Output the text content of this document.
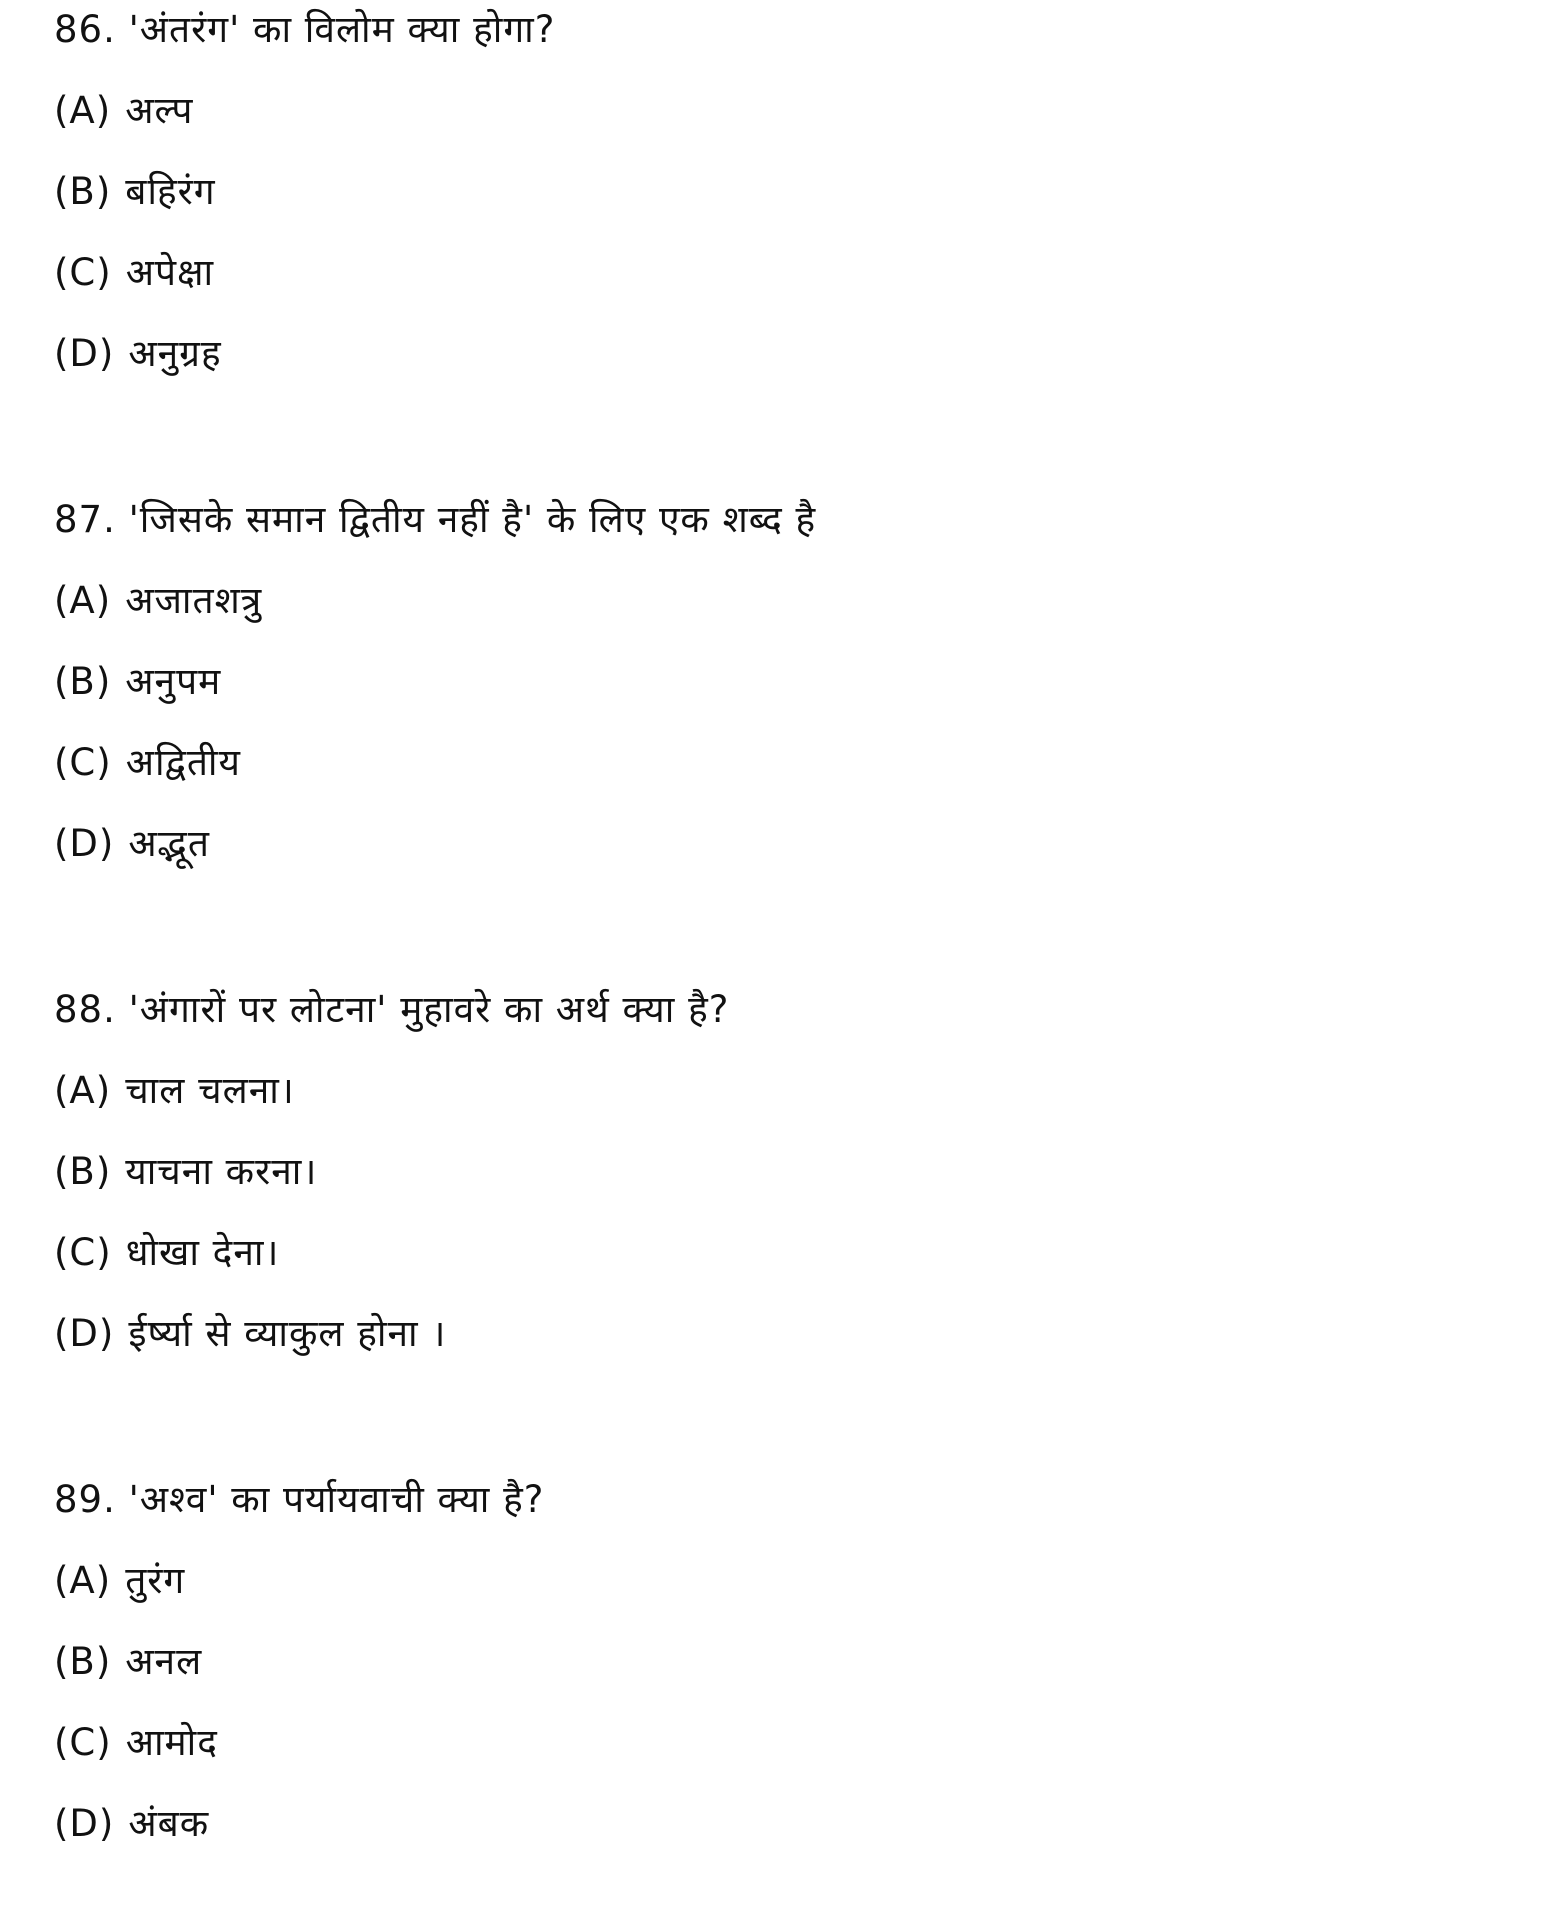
86. 'अंतरंग' का विलोम क्या होगा?
(A) अल्प
(B) बहिरंग
(C) अपेक्षा
(D) अनुग्रह
87. 'जिसके समान द्वितीय नहीं है' के लिए एक शब्द है
(A) अजातशत्रु
(B) अनुपम
(C) अद्वितीय
(D) अद्भूत
88. 'अंगारों पर लोटना' मुहावरे का अर्थ क्या है?
(A) चाल चलना।
(B) याचना करना।
(C) धोखा देना।
(D) ईर्ष्या से व्याकुल होना ।
89. 'अश्व' का पर्यायवाची क्या है?
(A) तुरंग
(B) अनल
(C) आमोद
(D) अंबक
